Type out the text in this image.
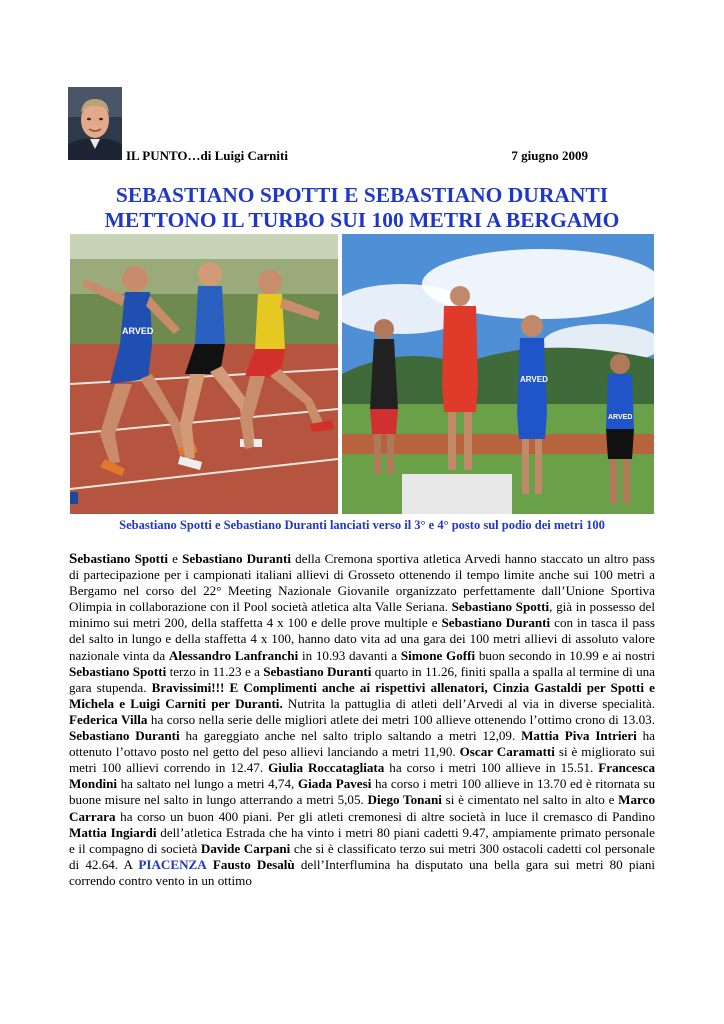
IL PUNTO…di Luigi Carniti	7 giugno 2009
SEBASTIANO SPOTTI E SEBASTIANO DURANTI
METTONO IL TURBO SUI 100 METRI A BERGAMO
ARVED
ARVED
ARVED
Sebastiano Spotti e Sebastiano Duranti lanciati verso il 3° e 4° posto sul podio dei metri 100

Sebastiano Spotti e Sebastiano Duranti della Cremona sportiva atletica Arvedi hanno staccato un altro pass di partecipazione per i campionati italiani allievi di Grosseto ottenendo il tempo limite anche sui 100 metri a Bergamo nel corso del 22° Meeting Nazionale Giovanile organizzato perfettamente dall’Unione Sportiva Olimpia in collaborazione con il Pool società atletica alta Valle Seriana. Sebastiano Spotti, già in possesso del minimo sui metri 200, della staffetta 4 x 100 e delle prove multiple e Sebastiano Duranti con in tasca il pass del salto in lungo e della staffetta 4 x 100, hanno dato vita ad una gara dei 100 metri allievi di assoluto valore nazionale vinta da Alessandro Lanfranchi in 10.93 davanti a Simone Goffi buon secondo in 10.99 e ai nostri Sebastiano Spotti terzo in 11.23 e a Sebastiano Duranti quarto in 11.26, finiti spalla a spalla al termine di una gara stupenda. Bravissimi!!! E Complimenti anche ai rispettivi allenatori, Cinzia Gastaldi per Spotti e Michela e Luigi Carniti per Duranti. Nutrita la pattuglia di atleti dell’Arvedi al via in diverse specialità. Federica Villa ha corso nella serie delle migliori atlete dei metri 100 allieve ottenendo l’ottimo crono di 13.03. Sebastiano Duranti ha gareggiato anche nel salto triplo saltando a metri 12,09. Mattia Piva Intrieri ha ottenuto l’ottavo posto nel getto del peso allievi lanciando a metri 11,90. Oscar Caramatti si è migliorato sui metri 100 allievi correndo in 12.47. Giulia Roccatagliata ha corso i metri 100 allieve in 15.51. Francesca Mondini ha saltato nel lungo a metri 4,74, Giada Pavesi ha corso i metri 100 allieve in 13.70 ed è ritornata su buone misure nel salto in lungo atterrando a metri 5,05. Diego Tonani si è cimentato nel salto in alto e Marco Carrara ha corso un buon 400 piani. Per gli atleti cremonesi di altre società in luce il cremasco di Pandino Mattia Ingiardi dell’atletica Estrada che ha vinto i metri 80 piani cadetti 9.47, ampiamente primato personale e il compagno di società Davide Carpani che si è classificato terzo sui metri 300 ostacoli cadetti col personale di 42.64. A PIACENZA Fausto Desalù dell’Interflumina ha disputato una bella gara sui metri 80 piani correndo contro vento in un ottimo
